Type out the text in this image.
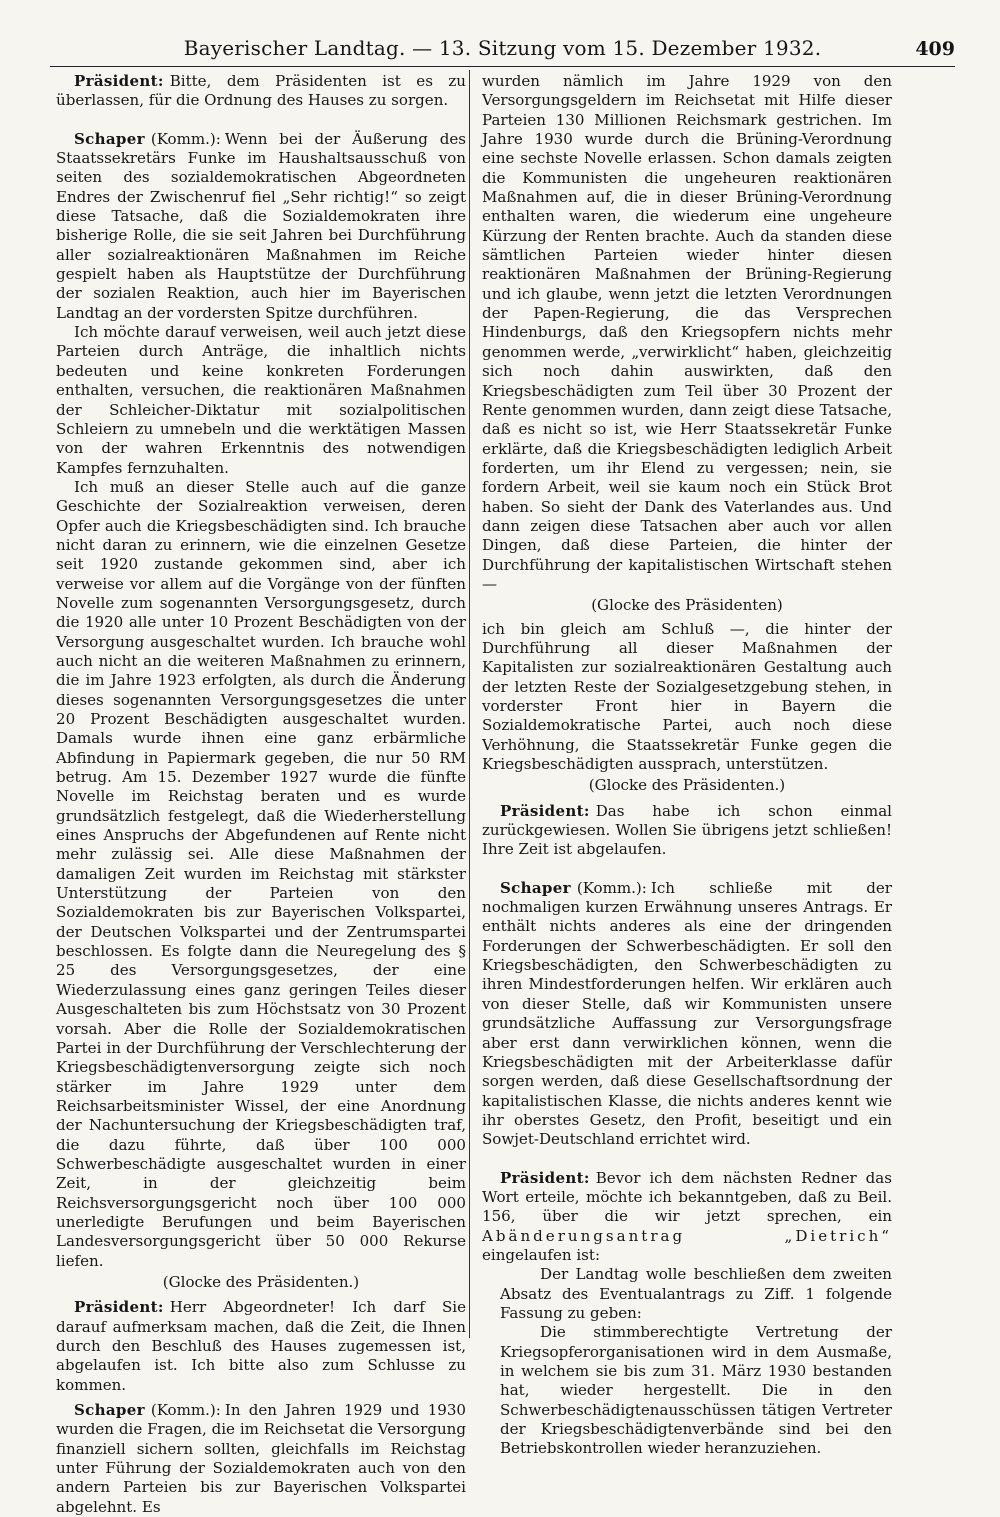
Bayerischer Landtag. — 13. Sitzung vom 15. Dezember 1932.	409

Präsident: Bitte, dem Präsidenten ist es zu überlassen, für die Ordnung des Hauses zu sorgen.

Schaper (Komm.): Wenn bei der Äußerung des Staatssekretärs Funke im Haushaltsausschuß von seiten des sozialdemokratischen Abgeordneten Endres der Zwischenruf fiel „Sehr richtig!“ so zeigt diese Tatsache, daß die Sozialdemokraten ihre bisherige Rolle, die sie seit Jahren bei Durchführung aller sozialreaktionären Maßnahmen im Reiche gespielt haben als Hauptstütze der Durchführung der sozialen Reaktion, auch hier im Bayerischen Landtag an der vordersten Spitze durchführen.

Ich möchte darauf verweisen, weil auch jetzt diese Parteien durch Anträge, die inhaltlich nichts bedeuten und keine konkreten Forderungen enthalten, versuchen, die reaktionären Maßnahmen der Schleicher-Diktatur mit sozialpolitischen Schleiern zu umnebeln und die werktätigen Massen von der wahren Erkenntnis des notwendigen Kampfes fernzuhalten.

Ich muß an dieser Stelle auch auf die ganze Geschichte der Sozialreaktion verweisen, deren Opfer auch die Kriegsbeschädigten sind. Ich brauche nicht daran zu erinnern, wie die einzelnen Gesetze seit 1920 zustande gekommen sind, aber ich verweise vor allem auf die Vorgänge von der fünften Novelle zum sogenannten Versorgungsgesetz, durch die 1920 alle unter 10 Prozent Beschädigten von der Versorgung ausgeschaltet wurden. Ich brauche wohl auch nicht an die weiteren Maßnahmen zu erinnern, die im Jahre 1923 erfolgten, als durch die Änderung dieses sogenannten Versorgungsgesetzes die unter 20 Prozent Beschädigten ausgeschaltet wurden. Damals wurde ihnen eine ganz erbärmliche Abfindung in Papiermark gegeben, die nur 50 RM betrug. Am 15. Dezember 1927 wurde die fünfte Novelle im Reichstag beraten und es wurde grundsätzlich festgelegt, daß die Wiederherstellung eines Anspruchs der Abgefundenen auf Rente nicht mehr zulässig sei. Alle diese Maßnahmen der damaligen Zeit wurden im Reichstag mit stärkster Unterstützung der Parteien von den Sozialdemokraten bis zur Bayerischen Volkspartei, der Deutschen Volkspartei und der Zentrumspartei beschlossen. Es folgte dann die Neuregelung des § 25 des Versorgungsgesetzes, der eine Wiederzulassung eines ganz geringen Teiles dieser Ausgeschalteten bis zum Höchstsatz von 30 Prozent vorsah. Aber die Rolle der Sozialdemokratischen Partei in der Durchführung der Verschlechterung der Kriegsbeschädigtenversorgung zeigte sich noch stärker im Jahre 1929 unter dem Reichsarbeitsminister Wissel, der eine Anordnung der Nachuntersuchung der Kriegsbeschädigten traf, die dazu führte, daß über 100 000 Schwerbeschädigte ausgeschaltet wurden in einer Zeit, in der gleichzeitig beim Reichsversorgungsgericht noch über 100 000 unerledigte Berufungen und beim Bayerischen Landesversorgungsgericht über 50 000 Rekurse liefen.

(Glocke des Präsidenten.)

Präsident: Herr Abgeordneter! Ich darf Sie darauf aufmerksam machen, daß die Zeit, die Ihnen durch den Beschluß des Hauses zugemessen ist, abgelaufen ist. Ich bitte also zum Schlusse zu kommen.

Schaper (Komm.): In den Jahren 1929 und 1930 wurden die Fragen, die im Reichsetat die Versorgung finanziell sichern sollten, gleichfalls im Reichstag unter Führung der Sozialdemokraten auch von den andern Parteien bis zur Bayerischen Volkspartei abgelehnt. Es

wurden nämlich im Jahre 1929 von den Versorgungsgeldern im Reichsetat mit Hilfe dieser Parteien 130 Millionen Reichsmark gestrichen. Im Jahre 1930 wurde durch die Brüning-Verordnung eine sechste Novelle erlassen. Schon damals zeigten die Kommunisten die ungeheuren reaktionären Maßnahmen auf, die in dieser Brüning-Verordnung enthalten waren, die wiederum eine ungeheure Kürzung der Renten brachte. Auch da standen diese sämtlichen Parteien wieder hinter diesen reaktionären Maßnahmen der Brüning-Regierung und ich glaube, wenn jetzt die letzten Verordnungen der Papen-Regierung, die das Versprechen Hindenburgs, daß den Kriegsopfern nichts mehr genommen werde, „verwirklicht“ haben, gleichzeitig sich noch dahin auswirkten, daß den Kriegsbeschädigten zum Teil über 30 Prozent der Rente genommen wurden, dann zeigt diese Tatsache, daß es nicht so ist, wie Herr Staatssekretär Funke erklärte, daß die Kriegsbeschädigten lediglich Arbeit forderten, um ihr Elend zu vergessen; nein, sie fordern Arbeit, weil sie kaum noch ein Stück Brot haben. So sieht der Dank des Vaterlandes aus. Und dann zeigen diese Tatsachen aber auch vor allen Dingen, daß diese Parteien, die hinter der Durchführung der kapitalistischen Wirtschaft stehen —

(Glocke des Präsidenten)

ich bin gleich am Schluß —, die hinter der Durchführung all dieser Maßnahmen der Kapitalisten zur sozialreaktionären Gestaltung auch der letzten Reste der Sozialgesetzgebung stehen, in vorderster Front hier in Bayern die Sozialdemokratische Partei, auch noch diese Verhöhnung, die Staatssekretär Funke gegen die Kriegsbeschädigten aussprach, unterstützen.

(Glocke des Präsidenten.)

Präsident: Das habe ich schon einmal zurückgewiesen. Wollen Sie übrigens jetzt schließen! Ihre Zeit ist abgelaufen.

Schaper (Komm.): Ich schließe mit der nochmaligen kurzen Erwähnung unseres Antrags. Er enthält nichts anderes als eine der dringenden Forderungen der Schwerbeschädigten. Er soll den Kriegsbeschädigten, den Schwerbeschädigten zu ihren Mindestforderungen helfen. Wir erklären auch von dieser Stelle, daß wir Kommunisten unsere grundsätzliche Auffassung zur Versorgungsfrage aber erst dann verwirklichen können, wenn die Kriegsbeschädigten mit der Arbeiterklasse dafür sorgen werden, daß diese Gesellschaftsordnung der kapitalistischen Klasse, die nichts anderes kennt wie ihr oberstes Gesetz, den Profit, beseitigt und ein Sowjet-Deutschland errichtet wird.

Präsident: Bevor ich dem nächsten Redner das Wort erteile, möchte ich bekanntgeben, daß zu Beil. 156, über die wir jetzt sprechen, ein Abänderungsantrag „Dietrich“ eingelaufen ist:

Der Landtag wolle beschließen dem zweiten Absatz des Eventualantrags zu Ziff. 1 folgende Fassung zu geben:

Die stimmberechtigte Vertretung der Kriegsopferorganisationen wird in dem Ausmaße, in welchem sie bis zum 31. März 1930 bestanden hat, wieder hergestellt. Die in den Schwerbeschädigtenausschüssen tätigen Vertreter der Kriegsbeschädigtenverbände sind bei den Betriebskontrollen wieder heranzuziehen.
